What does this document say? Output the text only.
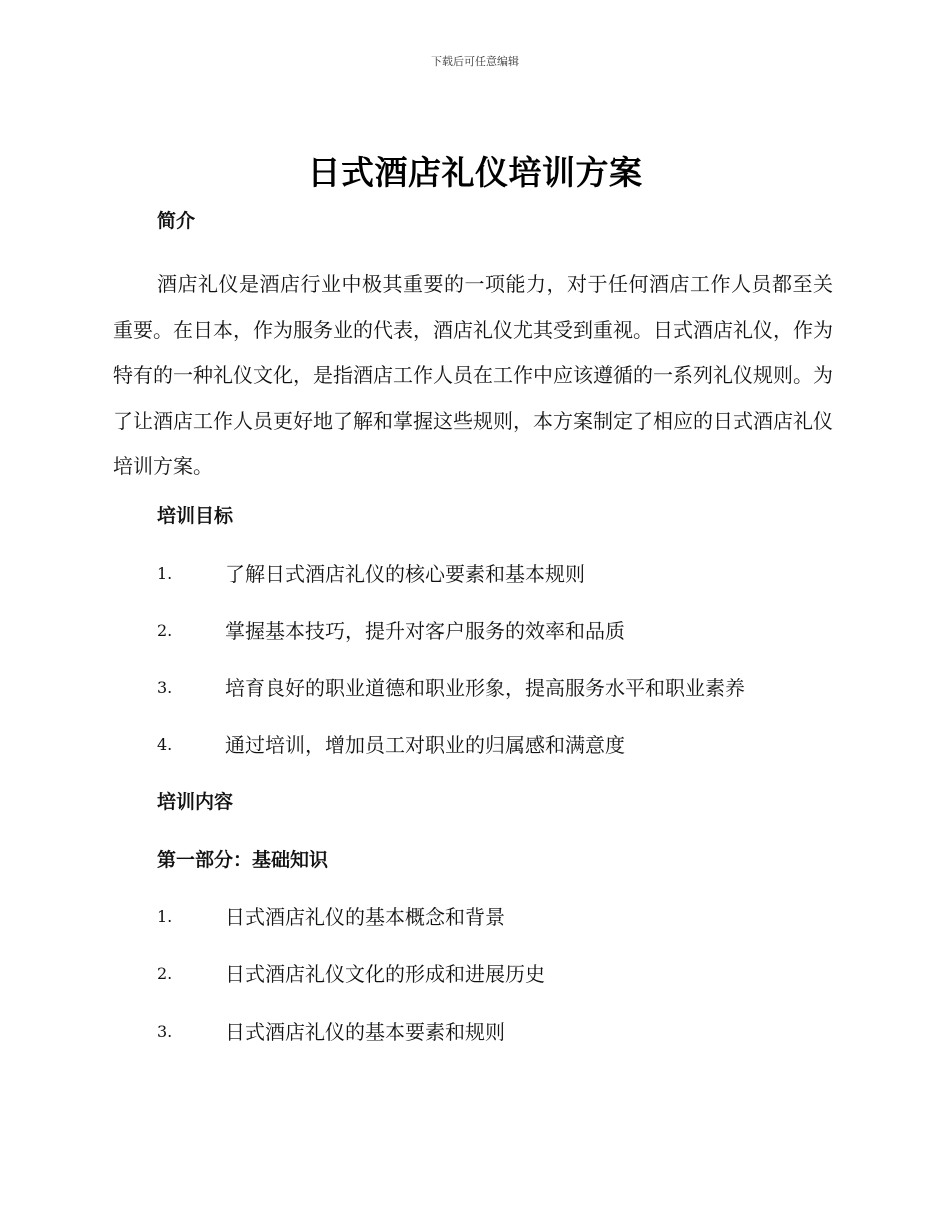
下载后可任意编辑
日式酒店礼仪培训方案
简介

酒店礼仪是酒店行业中极其重要的一项能力，对于任何酒店工作人员都至关重要。在日本，作为服务业的代表，酒店礼仪尤其受到重视。日式酒店礼仪，作为特有的一种礼仪文化，是指酒店工作人员在工作中应该遵循的一系列礼仪规则。为了让酒店工作人员更好地了解和掌握这些规则，本方案制定了相应的日式酒店礼仪培训方案。

培训目标
1.	了解日式酒店礼仪的核心要素和基本规则
2.	掌握基本技巧，提升对客户服务的效率和品质
3.	培育良好的职业道德和职业形象，提高服务水平和职业素养
4.	通过培训，增加员工对职业的归属感和满意度
培训内容
第一部分：基础知识
1.	日式酒店礼仪的基本概念和背景
2.	日式酒店礼仪文化的形成和进展历史
3.	日式酒店礼仪的基本要素和规则
